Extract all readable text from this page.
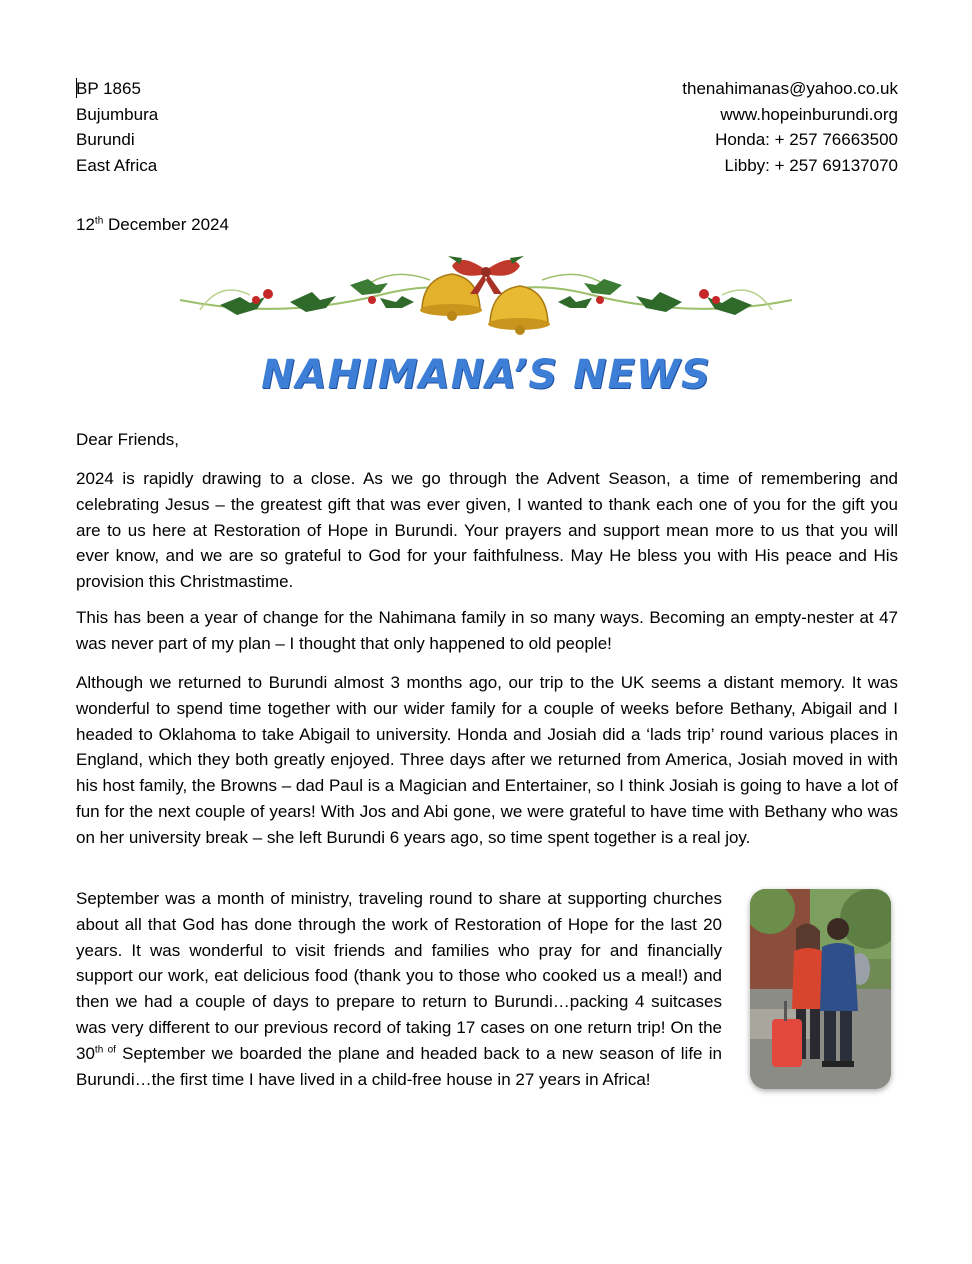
BP 1865
Bujumbura
Burundi
East Africa
thenahimanas@yahoo.co.uk
www.hopeinburundi.org
Honda: + 257 76663500
Libby: + 257 69137070
12th December 2024
NAHIMANA’S NEWS

Dear Friends,

2024 is rapidly drawing to a close. As we go through the Advent Season, a time of remembering and celebrating Jesus – the greatest gift that was ever given, I wanted to thank each one of you for the gift you are to us here at Restoration of Hope in Burundi. Your prayers and support mean more to us that you will ever know, and we are so grateful to God for your faithfulness. May He bless you with His peace and His provision this Christmastime.

This has been a year of change for the Nahimana family in so many ways. Becoming an empty-nester at 47 was never part of my plan – I thought that only happened to old people!

Although we returned to Burundi almost 3 months ago, our trip to the UK seems a distant memory. It was wonderful to spend time together with our wider family for a couple of weeks before Bethany, Abigail and I headed to Oklahoma to take Abigail to university. Honda and Josiah did a ‘lads trip’ round various places in England, which they both greatly enjoyed. Three days after we returned from America, Josiah moved in with his host family, the Browns – dad Paul is a Magician and Entertainer, so I think Josiah is going to have a lot of fun for the next couple of years! With Jos and Abi gone, we were grateful to have time with Bethany who was on her university break – she left Burundi 6 years ago, so time spent together is a real joy.

September was a month of ministry, traveling round to share at supporting churches about all that God has done through the work of Restoration of Hope for the last 20 years. It was wonderful to visit friends and families who pray for and financially support our work, eat delicious food (thank you to those who cooked us a meal!) and then we had a couple of days to prepare to return to Burundi…packing 4 suitcases was very different to our previous record of taking 17 cases on one return trip! On the $30^{th of}$ September we boarded the plane and headed back to a new season of life in Burundi…the first time I have lived in a child-free house in 27 years in Africa!
